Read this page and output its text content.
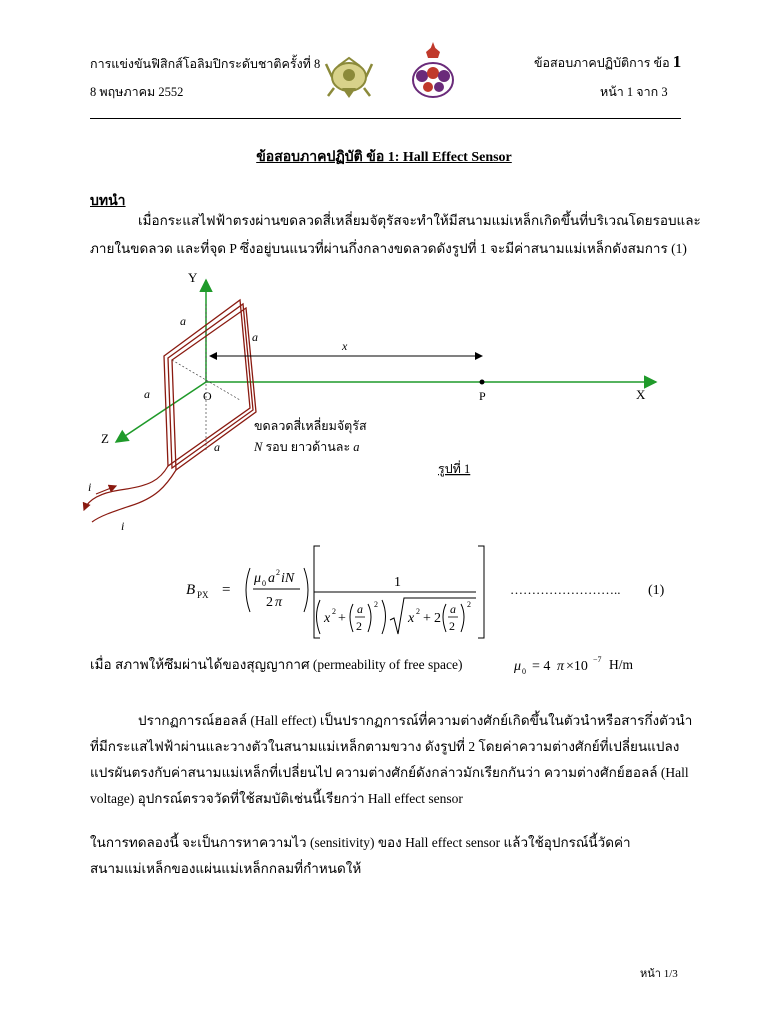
การแข่งขันฟิสิกส์โอลิมปิกระดับชาติครั้งที่ 8
8 พฤษภาคม 2552
ข้อสอบภาคปฏิบัติการ ข้อ 1
หน้า 1 จาก 3
ข้อสอบภาคปฏิบัติ ข้อ 1: Hall Effect Sensor
บทนำ
เมื่อกระแสไฟฟ้าตรงผ่านขดลวดสี่เหลี่ยมจัตุรัสจะทำให้มีสนามแม่เหล็กเกิดขึ้นที่บริเวณโดยรอบและ
ภายในขดลวด และที่จุด P ซึ่งอยู่บนแนวที่ผ่านกึ่งกลางขดลวดดังรูปที่ 1 จะมีค่าสนามแม่เหล็กดังสมการ (1)
Y
X
Z
O	P
x
a
a
a
a
i
i
ขดลวดสี่เหลี่ยมจัตุรัส
N รอบ ยาวด้านละ a
รูปที่ 1
B PX =
μ 0 a 2 iN
2 π
1
x 2 +
a
2
2
x 2 + 2
a
2
2
…………………….. (1)
เมื่อ สภาพให้ซึมผ่านได้ของสุญญากาศ (permeability of free space)	μ 0 = 4 π ×10 −7 H/m
ปรากฏการณ์ฮอลล์ (Hall effect) เป็นปรากฏการณ์ที่ความต่างศักย์เกิดขึ้นในตัวนำหรือสารกึ่งตัวนำ
ที่มีกระแสไฟฟ้าผ่านและวางตัวในสนามแม่เหล็กตามขวาง ดังรูปที่ 2 โดยค่าความต่างศักย์ที่เปลี่ยนแปลง
แปรผันตรงกับค่าสนามแม่เหล็กที่เปลี่ยนไป ความต่างศักย์ดังกล่าวมักเรียกกันว่า ความต่างศักย์ฮอลล์ (Hall
voltage) อุปกรณ์ตรวจวัดที่ใช้สมบัติเช่นนี้เรียกว่า Hall effect sensor
ในการทดลองนี้ จะเป็นการหาความไว (sensitivity) ของ Hall effect sensor แล้วใช้อุปกรณ์นี้วัดค่า
สนามแม่เหล็กของแผ่นแม่เหล็กกลมที่กำหนดให้
หน้า 1/3
